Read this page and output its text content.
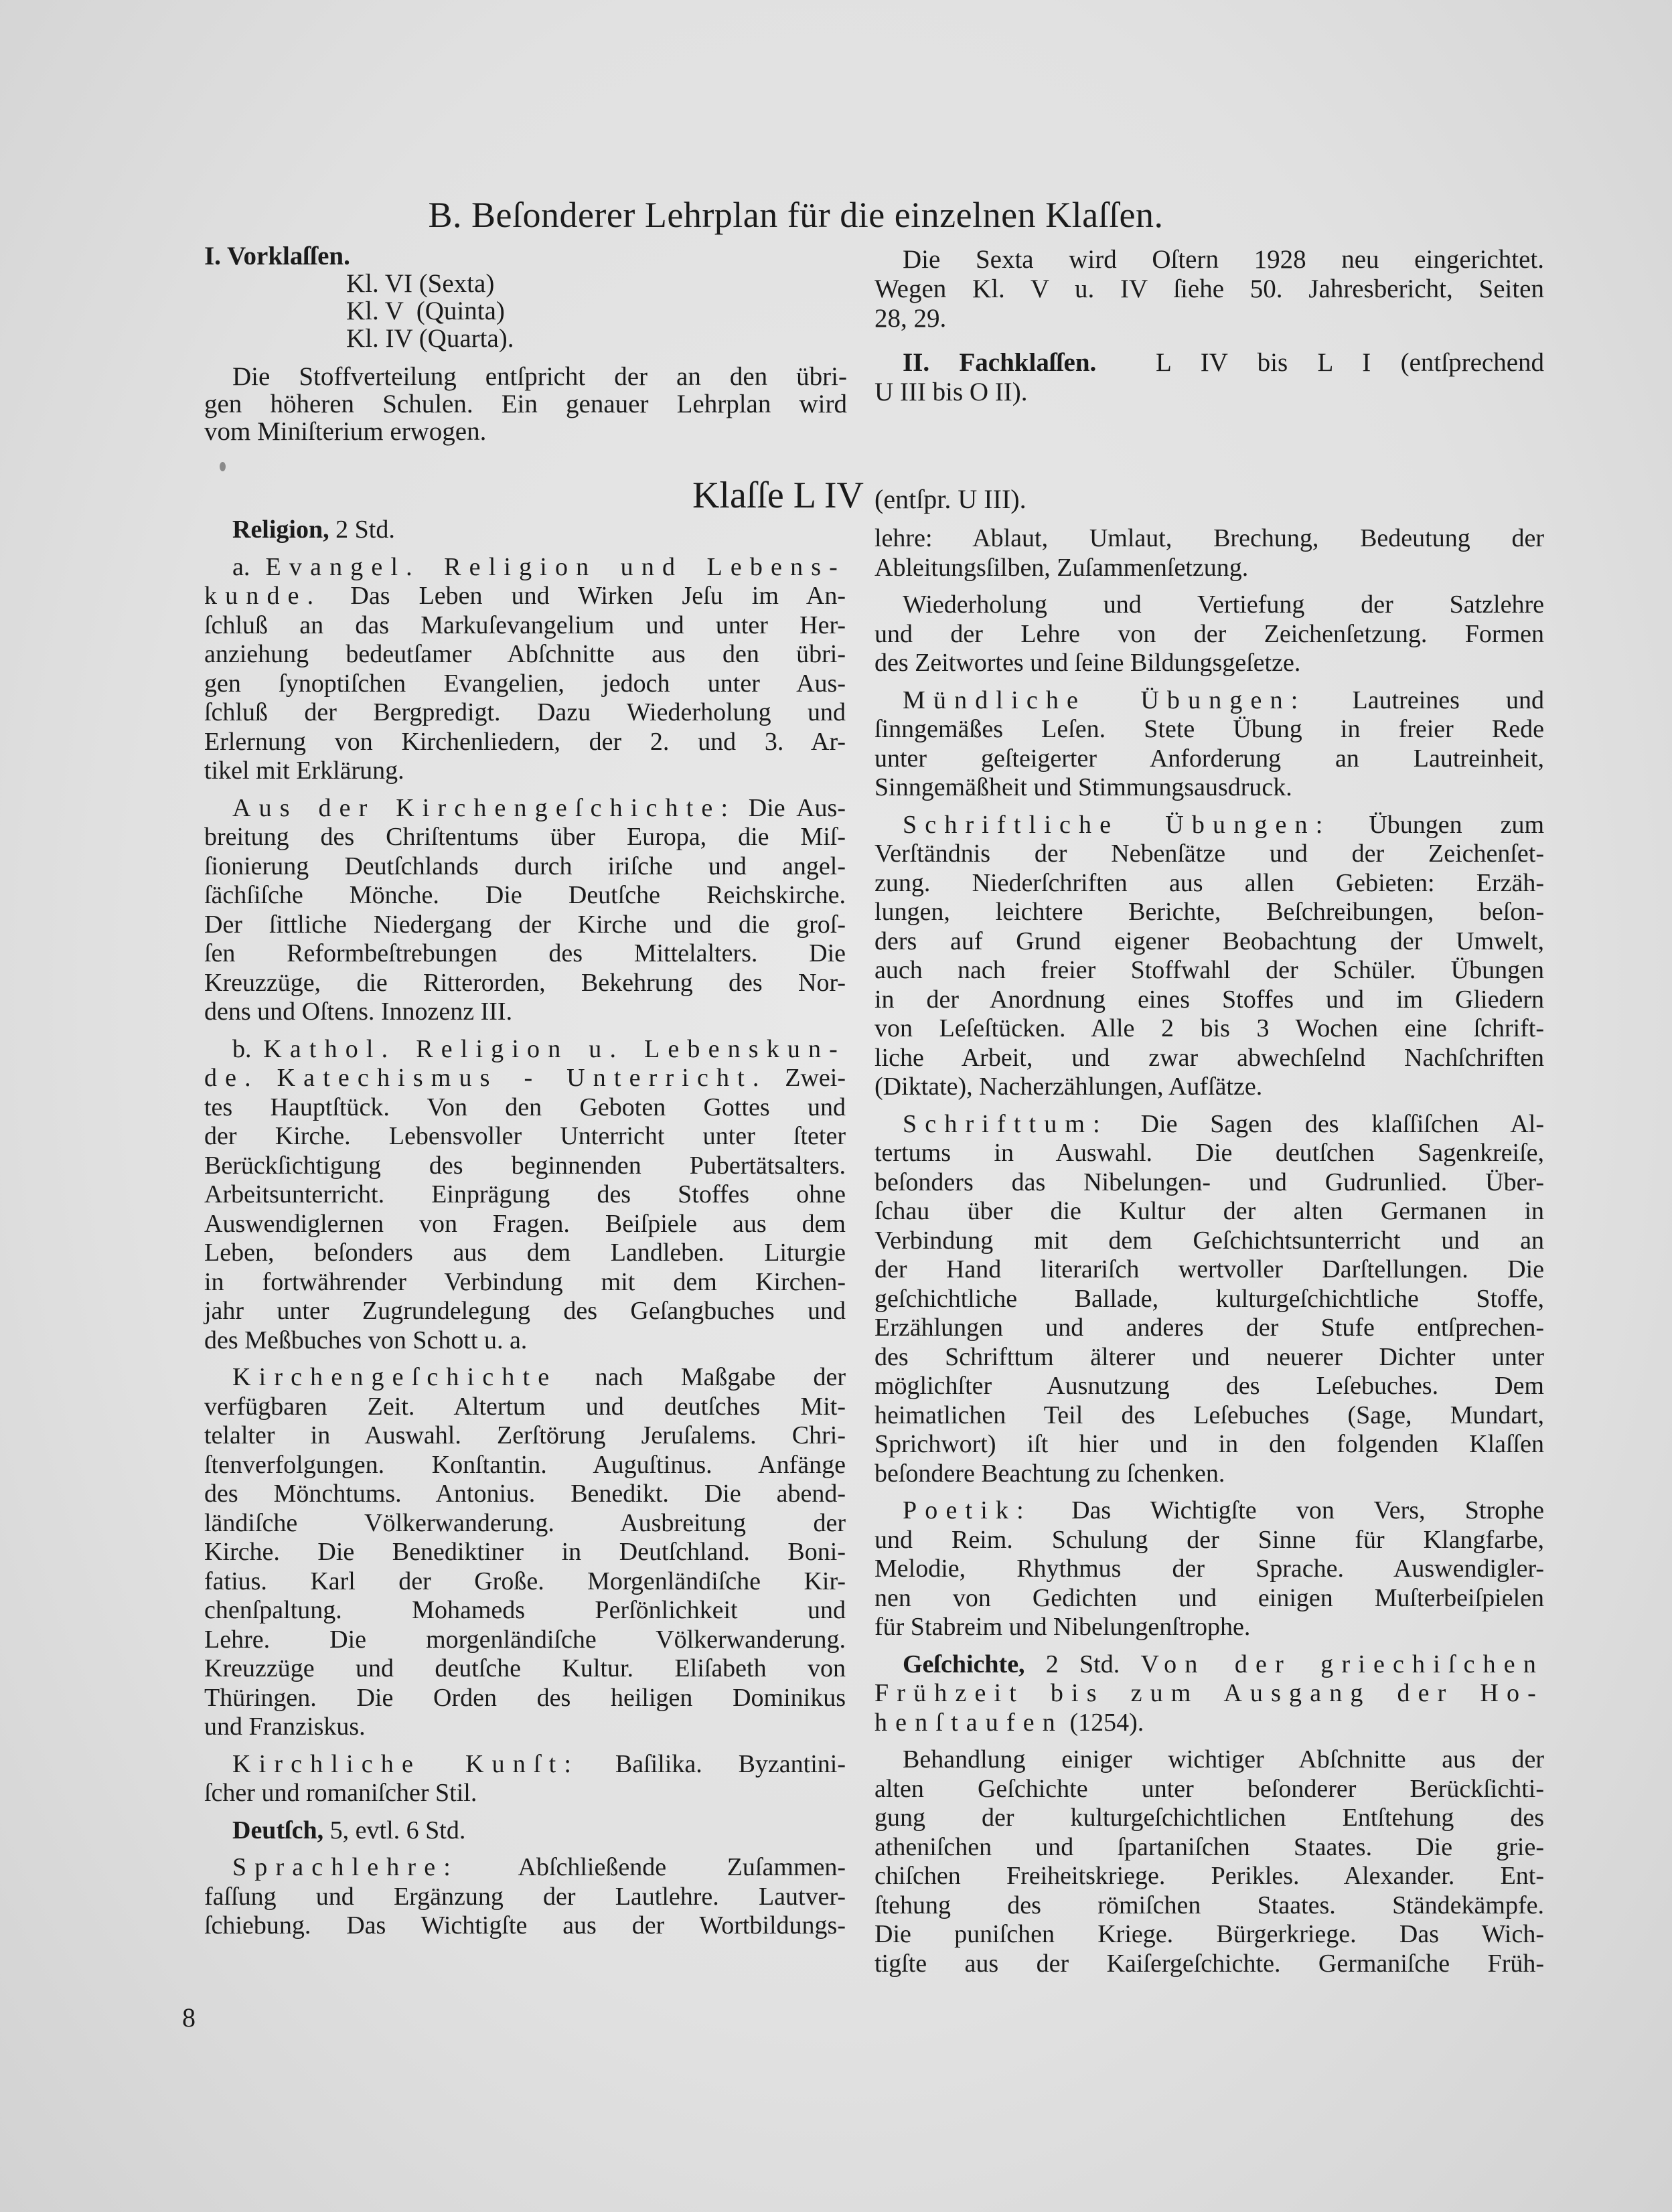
B. Beſonderer Lehrplan für die einzelnen Klaſſen.
I. Vorklaſſen.
Kl. VI (Sexta)
Kl. V  (Quinta)
Kl. IV (Quarta).
Die Stoffverteilung entſpricht der an den übri-
gen höheren Schulen. Ein genauer Lehrplan wird
vom Miniſterium erwogen.
Die Sexta wird Oſtern 1928 neu eingerichtet.
Wegen Kl. V u. IV ſiehe 50. Jahresbericht, Seiten
28, 29.
II. Fachklaſſen. L IV bis L I (entſprechend
U III bis O II).
Klaſſe L IV (entſpr. U III).
Religion, 2 Std.
a. Evangel. Religion und Lebens-
kunde. Das Leben und Wirken Jeſu im An-
ſchluß an das Markuſevangelium und unter Her-
anziehung bedeutſamer Abſchnitte aus den übri-
gen ſynoptiſchen Evangelien, jedoch unter Aus-
ſchluß der Bergpredigt. Dazu Wiederholung und
Erlernung von Kirchenliedern, der 2. und 3. Ar-
tikel mit Erklärung.
Aus der Kirchengeſchichte: Die Aus-
breitung des Chriſtentums über Europa, die Miſ-
ſionierung Deutſchlands durch iriſche und angel-
ſächſiſche Mönche. Die Deutſche Reichskirche.
Der ſittliche Niedergang der Kirche und die groſ-
ſen Reformbeſtrebungen des Mittelalters. Die
Kreuzzüge, die Ritterorden, Bekehrung des Nor-
dens und Oſtens. Innozenz III.
b. Kathol. Religion u. Lebenskun-
de. Katechismus - Unterricht. Zwei-
tes Hauptſtück. Von den Geboten Gottes und
der Kirche. Lebensvoller Unterricht unter ſteter
Berückſichtigung des beginnenden Pubertätsalters.
Arbeitsunterricht. Einprägung des Stoffes ohne
Auswendiglernen von Fragen. Beiſpiele aus dem
Leben, beſonders aus dem Landleben. Liturgie
in fortwährender Verbindung mit dem Kirchen-
jahr unter Zugrundelegung des Geſangbuches und
des Meßbuches von Schott u. a.
Kirchengeſchichte nach Maßgabe der
verfügbaren Zeit. Altertum und deutſches Mit-
telalter in Auswahl. Zerſtörung Jeruſalems. Chri-
ſtenverfolgungen. Konſtantin. Auguſtinus. Anfänge
des Mönchtums. Antonius. Benedikt. Die abend-
ländiſche Völkerwanderung. Ausbreitung der
Kirche. Die Benediktiner in Deutſchland. Boni-
fatius. Karl der Große. Morgenländiſche Kir-
chenſpaltung. Mohameds Perſönlichkeit und
Lehre. Die morgenländiſche Völkerwanderung.
Kreuzzüge und deutſche Kultur. Eliſabeth von
Thüringen. Die Orden des heiligen Dominikus
und Franziskus.
Kirchliche Kunſt: Baſilika. Byzantini-
ſcher und romaniſcher Stil.
Deutſch, 5, evtl. 6 Std.
Sprachlehre: Abſchließende Zuſammen-
faſſung und Ergänzung der Lautlehre. Lautver-
ſchiebung. Das Wichtigſte aus der Wortbildungs-
lehre: Ablaut, Umlaut, Brechung, Bedeutung der
Ableitungsſilben, Zuſammenſetzung.
Wiederholung und Vertiefung der Satzlehre
und der Lehre von der Zeichenſetzung. Formen
des Zeitwortes und ſeine Bildungsgeſetze.
Mündliche Übungen: Lautreines und
ſinngemäßes Leſen. Stete Übung in freier Rede
unter geſteigerter Anforderung an Lautreinheit,
Sinngemäßheit und Stimmungsausdruck.
Schriftliche Übungen: Übungen zum
Verſtändnis der Nebenſätze und der Zeichenſet-
zung. Niederſchriften aus allen Gebieten: Erzäh-
lungen, leichtere Berichte, Beſchreibungen, beſon-
ders auf Grund eigener Beobachtung der Umwelt,
auch nach freier Stoffwahl der Schüler. Übungen
in der Anordnung eines Stoffes und im Gliedern
von Leſeſtücken. Alle 2 bis 3 Wochen eine ſchrift-
liche Arbeit, und zwar abwechſelnd Nachſchriften
(Diktate), Nacherzählungen, Aufſätze.
Schrifttum: Die Sagen des klaſſiſchen Al-
tertums in Auswahl. Die deutſchen Sagenkreiſe,
beſonders das Nibelungen- und Gudrunlied. Über-
ſchau über die Kultur der alten Germanen in
Verbindung mit dem Geſchichtsunterricht und an
der Hand literariſch wertvoller Darſtellungen. Die
geſchichtliche Ballade, kulturgeſchichtliche Stoffe,
Erzählungen und anderes der Stufe entſprechen-
des Schrifttum älterer und neuerer Dichter unter
möglichſter Ausnutzung des Leſebuches. Dem
heimatlichen Teil des Leſebuches (Sage, Mundart,
Sprichwort) iſt hier und in den folgenden Klaſſen
beſondere Beachtung zu ſchenken.
Poetik: Das Wichtigſte von Vers, Strophe
und Reim. Schulung der Sinne für Klangfarbe,
Melodie, Rhythmus der Sprache. Auswendigler-
nen von Gedichten und einigen Muſterbeiſpielen
für Stabreim und Nibelungenſtrophe.
Geſchichte, 2 Std. Von der griechiſchen
Frühzeit bis zum Ausgang der Ho-
henſtaufen (1254).
Behandlung einiger wichtiger Abſchnitte aus der
alten Geſchichte unter beſonderer Berückſichti-
gung der kulturgeſchichtlichen Entſtehung des
atheniſchen und ſpartaniſchen Staates. Die grie-
chiſchen Freiheitskriege. Perikles. Alexander. Ent-
ſtehung des römiſchen Staates. Ständekämpfe.
Die puniſchen Kriege. Bürgerkriege. Das Wich-
tigſte aus der Kaiſergeſchichte. Germaniſche Früh-
8
